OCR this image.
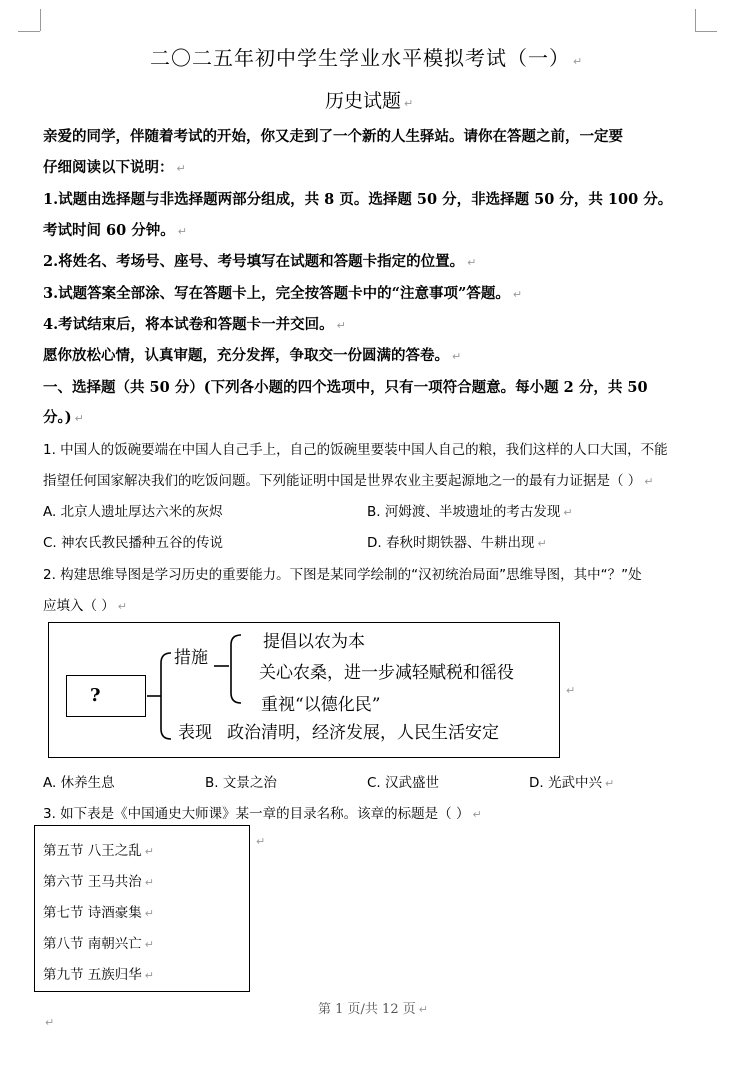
二〇二五年初中学生学业水平模拟考试（一） ↵
历史试题 ↵
亲爱的同学，伴随着考试的开始，你又走到了一个新的人生驿站。请你在答题之前，一定要
仔细阅读以下说明： ↵
1.试题由选择题与非选择题两部分组成，共 8 页。选择题 50 分，非选择题 50 分，共 100 分。
考试时间 60 分钟。 ↵
2.将姓名、考场号、座号、考号填写在试题和答题卡指定的位置。 ↵
3.试题答案全部涂、写在答题卡上，完全按答题卡中的“注意事项”答题。 ↵
4.考试结束后，将本试卷和答题卡一并交回。 ↵
愿你放松心情，认真审题，充分发挥，争取交一份圆满的答卷。 ↵
一、选择题（共 50 分）(下列各小题的四个选项中，只有一项符合题意。每小题 2 分，共 50
分。) ↵
1. 中国人的饭碗要端在中国人自己手上，自己的饭碗里要装中国人自己的粮，我们这样的人口大国，不能
指望任何国家解决我们的吃饭问题。下列能证明中国是世界农业主要起源地之一的最有力证据是（ ） ↵
A. 北京人遗址厚达六米的灰烬	B. 河姆渡、半坡遗址的考古发现 ↵
C. 神农氏教民播种五谷的传说	D. 春秋时期铁器、牛耕出现 ↵
2. 构建思维导图是学习历史的重要能力。下图是某同学绘制的“汉初统治局面”思维导图，其中“？”处
应填入（ ） ↵
?
措施
提倡以农为本
关心农桑，进一步减轻赋税和徭役
重视“以德化民”
表现 政治清明，经济发展，人民生活安定
↵
A. 休养生息	B. 文景之治	C. 汉武盛世	D. 光武中兴 ↵
3. 如下表是《中国通史大师课》某一章的目录名称。该章的标题是（ ） ↵
第五节 八王之乱 ↵
第六节 王马共治 ↵
第七节 诗酒豪集 ↵
第八节 南朝兴亡 ↵
第九节 五族归华 ↵
↵
第 1 页/共 12 页 ↵
↵
